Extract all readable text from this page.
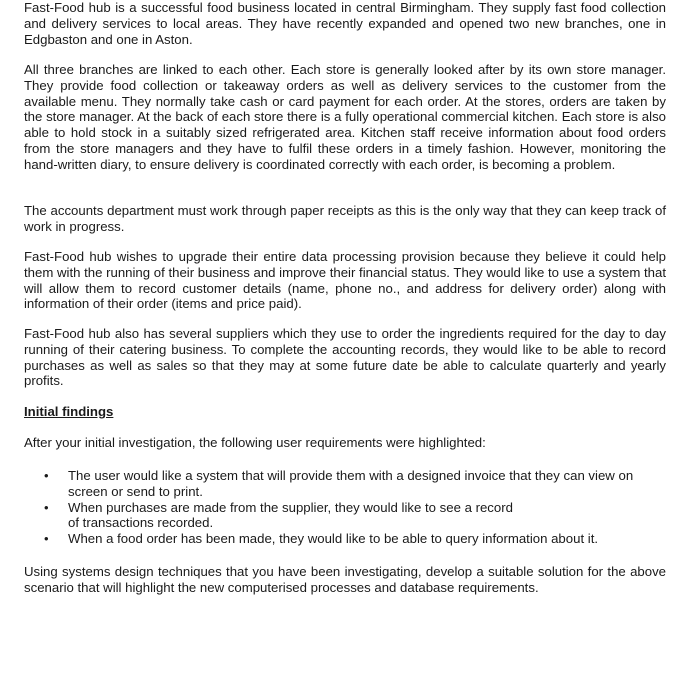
Fast-Food hub is a successful food business located in central Birmingham. They supply fast food collection and delivery services to local areas. They have recently expanded and opened two new branches, one in Edgbaston and one in Aston.

All three branches are linked to each other. Each store is generally looked after by its own store manager. They provide food collection or takeaway orders as well as delivery services to the customer from the available menu. They normally take cash or card payment for each order. At the stores, orders are taken by the store manager. At the back of each store there is a fully operational commercial kitchen. Each store is also able to hold stock in a suitably sized refrigerated area. Kitchen staff receive information about food orders from the store managers and they have to fulfil these orders in a timely fashion. However, monitoring the hand-written diary, to ensure delivery is coordinated correctly with each order, is becoming a problem.

The accounts department must work through paper receipts as this is the only way that they can keep track of work in progress.

Fast-Food hub wishes to upgrade their entire data processing provision because they believe it could help them with the running of their business and improve their financial status. They would like to use a system that will allow them to record customer details (name, phone no., and address for delivery order) along with information of their order (items and price paid).

Fast-Food hub also has several suppliers which they use to order the ingredients required for the day to day running of their catering business. To complete the accounting records, they would like to be able to record purchases as well as sales so that they may at some future date be able to calculate quarterly and yearly profits.

Initial findings

After your initial investigation, the following user requirements were highlighted:

• The user would like a system that will provide them with a designed invoice that they can view on screen or send to print.
• When purchases are made from the supplier, they would like to see a record of transactions recorded.
• When a food order has been made, they would like to be able to query information about it.

Using systems design techniques that you have been investigating, develop a suitable solution for the above scenario that will highlight the new computerised processes and database requirements.
